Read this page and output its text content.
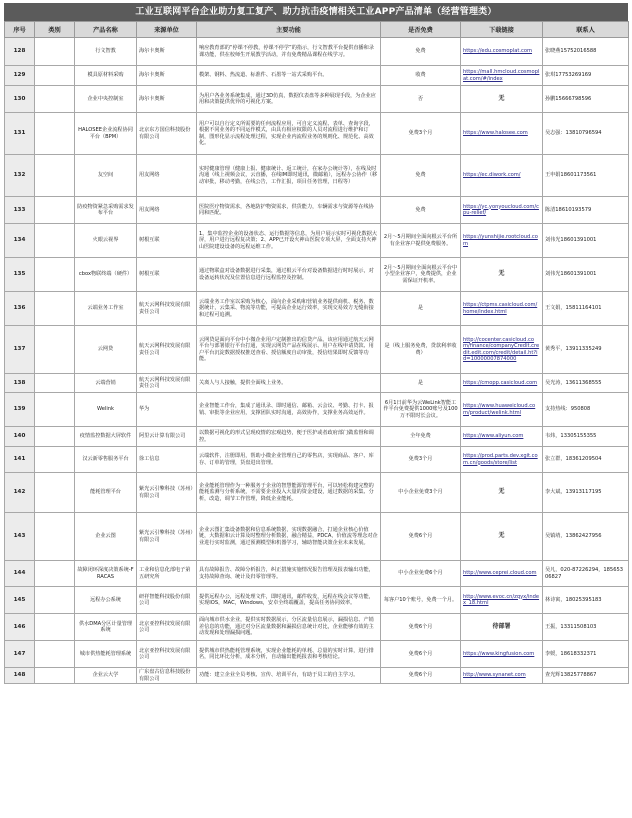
工业互联网平台企业助力复工复产、助力抗击疫情相关工业APP产品清单（经营管理类）
序号	类别	产品名称	来源单位	主要功能	是否免费	下载链接	联系人
128		行文智教	海尔卡奥斯	响应教育部的“停课不停教，停课不停学”的指示，行文智教平台提供直播和录课功能，供在校师生开展教学活动，并有免费精品课程在线学习。	免费	https://edu.cosmoplat.com	张晓燕15752016588
129		模具原材料采购	海尔卡奥斯	模架、钢料、热流道、标准件、石墨等一站式采购平台。	收费	https://mall.hmcloud.cosmoplat.com/#/index	张琪17753269169
130		企业中央控制室	海尔卡奥斯	为用户各业务系统集成，通过3D仿真，数据仪表盘等多种展现手段，为企业应用和决策提供优异的可视化方案。	否	无	孙鹏15666798596
131		HALOSEE企业流程协同平台（BPM）	北京东方国信科技股份有限公司	用户可以自行定义所需要的任何流程应用，可自定义流程、表单、查询字段，根据不同业务的不同运作模式，由具有相应权限的人员对流程进行维护和订制，图形化显示流程处理过程，实现企业内流程业务的规则化、规范化、高效化。	免费3个月	https://www.halosee.com	吴志强：13810796594
132		友空间	用友网络	实时健康管理（健康上报、健康统计、返工统计，在家办公统计等），在线及时沟通（线上视频会议，云直播，在线IM即时通讯，微邮箱），远程办公协作（移动审批，移动考勤，在线公告，工作汇报，项目任务管理，日程等）	免费	https://ec.diwork.com/	王申娟18601173561
133		防疫物资紧急采购需求发布平台	用友网络	医院医疗物资需求，各地防护物资需求，供货能力，车辆需求与资源等在线协同和匹配。	免费	https://yc.yonyoucloud.com/cpu-relief/	陈清18610193579
134		火眼云视界	树根互联	1、集中监控企业的设备状态、运行数据等信息，为用户展示实时可视化数据大屏，用户进行远程复决策；2、APP已开设火神山医院专项大屏，全面支持火神山医院建设设备的远程运维工作。	2月～5月期间全面向根云平台所有企业客户提供免费服务。	https://yunshijie.rootcloud.com	刘伟光18601391001
135		cbox物联终端（硬件）	树根互联	通过物联盒对设备数据进行采集，通过根云平台对设备数据进行时时展示，对设备运转状况及位置信息进行远程监控及控制。	2月～5月期间全面向根云平台中小型企业客户，免费提供，企业需保证开机率。	无	刘伟光18601391001
136		云端业务工作室	航天云网科技发展有限责任公司	云端业务工作室以采购为核心，面向企业采购和营销业务提供商机、税务、数据统计，云集采、物流等功能，可提高企业运行效率，实现交易效方无缝衔接和过程可追溯。	是	https://ctpms.casicloud.com/home/index.html	王文娟，15811164101
137		云网贷	航天云网科技发展有限责任公司	云网贷是面向平台中小微企业用户定制推出的信贷产品。该应用通过航天云网平台与部署银行平台打通，实现云网贷产品在线展示、用户在线申请贷款、用户平台沉淀数据授权推送查看、授信额度自动审批，授信结果即时反馈等功能。	是（线上服务免费，贷款利率收费）	http://cocenter.casicloud.com/finance/companyCredit.credit.edit.com/credit/detail.ht?id=10000007874000	黄秀平，13911335249
138		云端营销	航天云网科技发展有限责任公司	关离人与人接触，提供全面线上业务。	是	https://cmopp.casicloud.com	吴光涛，13611368555
139		Welink	华为	企业智能工作台，集成了通讯录、即时通信、邮箱、云会议、考勤、打卡、报销、审批等企业应用，支撑团队实时沟通，高效协作，支撑业务高效运作。	6月1日前华为云WeLink智能工作平台免费提供1000账号及100万不限时长会议。	https://www.huaweicloud.com/product/welink.html	支持热线：950808
140		疫情监控数据大屏软件	阿里云计算有限公司	以数据可视化的形式呈现疫情的宏观趋势，便于医护或者政府部门做监督和调控。	全年免费	https://www.aliyun.com	韦炜，13305155355
141		汉云新零售服务平台	徐工信息	云端软件，注册即用，帮助小微企业管理自己的零售店，实现商品、客户、库存、订单的管理，货盘进出管理。	免费3个月	https://prod.parts.dev.xgit.com.cn/goods/store/list	张立群，18361209504
142		能耗管理平台	紫光云引擎科技（苏州）有限公司	企业能耗管理作为一种服务于企业的智慧能源管理平台，可以轻松构建完整的能耗监测与分析系统，不需要企业投入大量的资金建设，通过数据的采集、分析，改造，调节工作管理，降低企业能耗。	中小企业免费3个月	无	李大斌，13913117195
143		企业云图	紫光云引擎科技（苏州）有限公司	企业云图汇集设备数据和信息系统数据，实现数据融合，打通企业核心价值链，大数据和云计算及时整理分析数据，融合精益，PDCA，价值流等理念对企业进行实时监测，通过预测模型和机器学习，辅助智能决策企业未来发展。	免费6个月	无	吴镇靖，13862427956
144		故障闭环深度决策系统-FRACAS	工业和信息化部电子第五研究所	具有故障报告、故障分析报告，纠正措施实施情况报告管理及报表输出功能，支持故障查询、统计及归零管理等。	中小企业免费6个月	http://www.ceprei.cloud.com	吴凡，020-87226294，18565306827
145		远程办公系统	研祥智能科技股份有限公司	提供远程办公，远程处理文件，即时通讯，邮件收发，远程在线会议等功能，实现IOS，MAC，Windows，安卓全终端覆盖，提高任务协同效率。	每客户10个账号，免费一个月。	http://www.evoc.cn/zqyx/index_18.html	林诗寓，18025395183
146		供水DMA分区计量管理系统	北京亚控科技发展有限公司	面向城市供水企业，提供实时数据展示，分区流量信息展示，漏损信息、产销差信息的功能，通过对分区流量数据和漏损信息统计对比，企业能够有效的主动发现和处理漏损问题。	免费6个月	待部署	王振，13311508103
147		城市供热能耗管理系统	北京亚控科技发展有限公司	提供城市供热能耗管理系统，实现企业能耗的单耗、总量的实时计算，进行排名，同比环比分析，成本分析，自动输出能耗报表和考核结论。	免费6个月	https://www.kingfusion.com	李媛，18618332371
148		企业云大学	广东盘古信息科技股份有限公司	功能：建立企业全员考核、宣传、培训平台，有助于员工的自主学习。	免费6个月	http://www.synanet.com	查光辉13825778867
